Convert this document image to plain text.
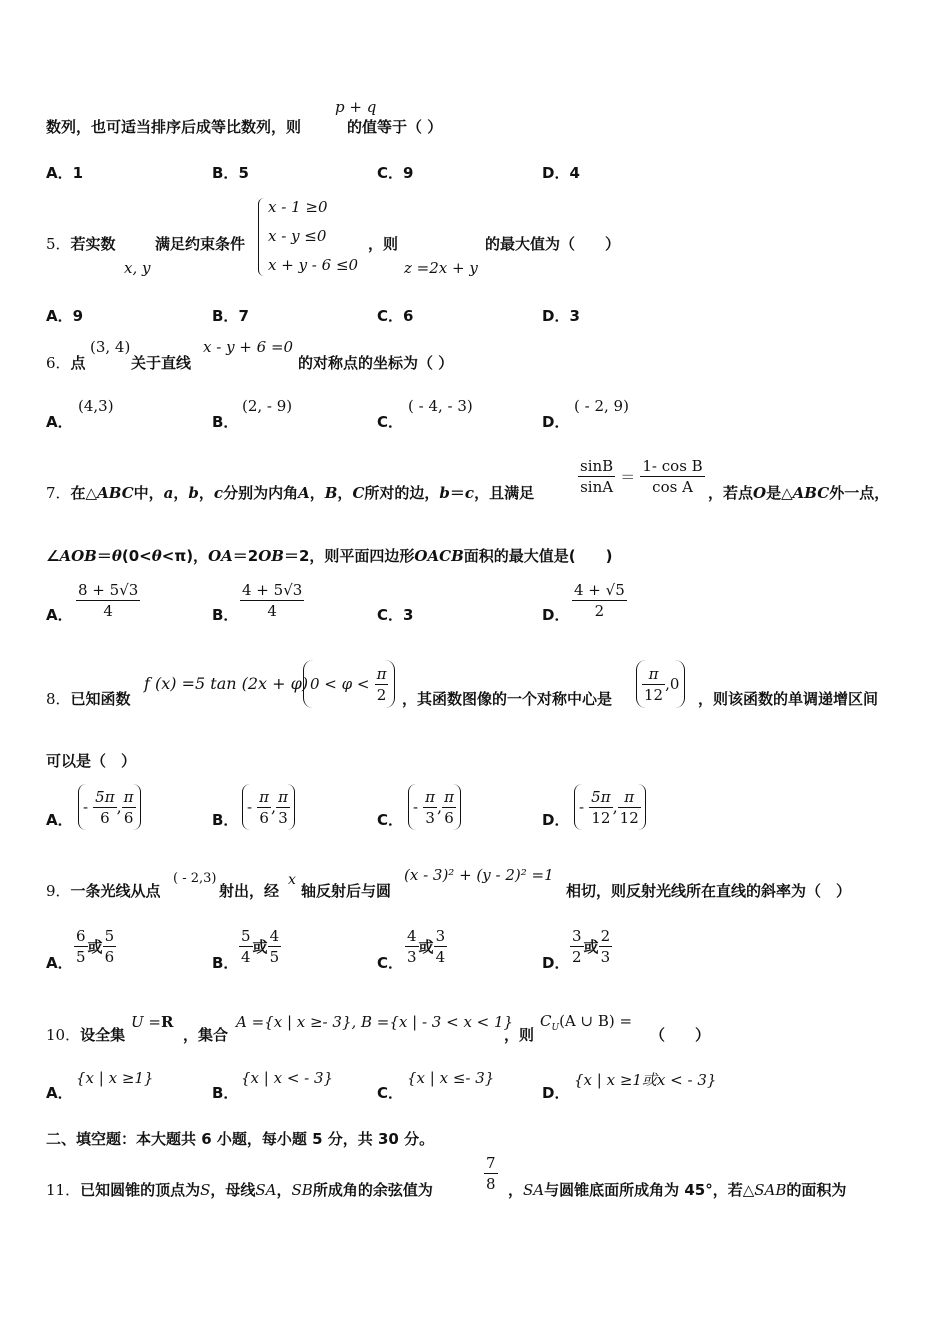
p + q
数列，也可适当排序后成等比数列，则	的值等于（ ）
A．1	B．5	C．9	D．4
5．若实数
x, y
满足约束条件
x - 1 ≥0
x - y ≤0
x + y - 6 ≤0
，则
z =2x + y
的最大值为（　　）
A．9	B．7	C．6	D．3
6．点
(3, 4)
关于直线
x - y + 6 =0
的对称点的坐标为（ ）
A．
(4,3)
B．
(2, - 9)
C．
( - 4, - 3)
D．
( - 2, 9)
7．在△ABC中，a，b，c分别为内角A，B，C所对的边，b＝c，且满足	$\frac{\sin B}{\sin A} = \frac{\text{1- cos B}}{\text{cos A}}$ ，若点O是△ABC外一点，
∠AOB＝θ(0<θ<π)，OA＝2OB＝2，则平面四边形OACB面积的最大值是(　　)
A． $\frac{8 + 5√3}{4}$	B． $\frac{4 + 5√3}{4}$	C．3	D． $\frac{4 + √5}{2}$
8．已知函数
f (x) =5 tan (2x + φ) $0 < \varphi < \frac{\pi}{2}$ ，其函数图像的一个对称中心是 $\frac{\pi}{12} ,0$
，则该函数的单调递增区间
可以是（　）
A．
- $\frac{5\pi}{6}$ , $\frac{\pi}{6}$	B．
- $\frac{\pi}{6}$ , $\frac{\pi}{3}$	C．
- $\frac{\pi}{3}$ , $\frac{\pi}{6}$	D．
- $\frac{5\pi}{12}$ , $\frac{\pi}{12}$
9．一条光线从点
( - 2,3)
射出，经
x
轴反射后与圆
(x - 3)² + (y - 2)² =1
相切，则反射光线所在直线的斜率为（　）
A． $\frac{6}{5}$ 或 $\frac{5}{6}$	B． $\frac{5}{4}$ 或 $\frac{4}{5}$	C． $\frac{4}{3}$ 或 $\frac{3}{4}$	D． $\frac{3}{2}$ 或 $\frac{2}{3}$
10．设全集
U =R
，集合
A ={x | x ≥- 3}, B ={x | - 3 < x < 1}
，则
$C_U(A$ ∪ B) =
（　　）
A．
{x | x ≥1}
B．
{x | x < - 3}
C．
{x | x ≤- 3}
D．
{x | x ≥1或x < - 3}
二、填空题：本大题共 6 小题，每小题 5 分，共 30 分。
11．已知圆锥的顶点为S，母线SA，SB所成角的余弦值为	$\frac{7}{8}$ ，SA与圆锥底面所成角为 45°，若△SAB的面积为
